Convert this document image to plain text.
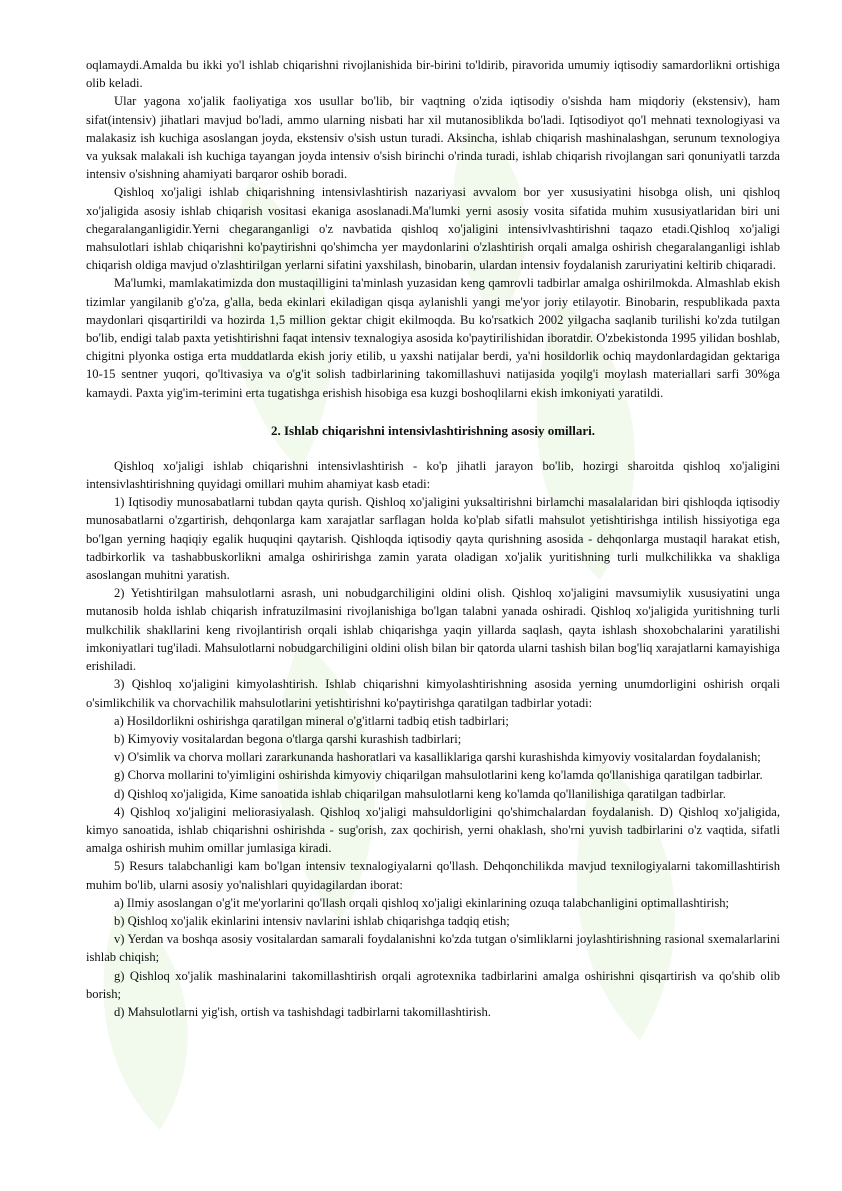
oqlamaydi.Amalda bu ikki yo'l ishlab chiqarishni rivojlanishida bir-birini to'ldirib, piravorida umumiy iqtisodiy samardorlikni ortishiga olib keladi.

Ular yagona xo'jalik faoliyatiga xos usullar bo'lib, bir vaqtning o'zida iqtisodiy o'sishda ham miqdoriy (ekstensiv), ham sifat(intensiv) jihatlari mavjud bo'ladi, ammo ularning nisbati har xil mutanosiblikda bo'ladi. Iqtisodiyot qo'l mehnati texnologiyasi va malakasiz ish kuchiga asoslangan joyda, ekstensiv o'sish ustun turadi. Aksincha, ishlab chiqarish mashinalashgan, serunum texnologiya va yuksak malakali ish kuchiga tayangan joyda intensiv o'sish birinchi o'rinda turadi, ishlab chiqarish rivojlangan sari qonuniyatli tarzda intensiv o'sishning ahamiyati barqaror oshib boradi.

Qishloq xo'jaligi ishlab chiqarishning intensivlashtirish nazariyasi avvalom bor yer xususiyatini hisobga olish, uni qishloq xo'jaligida asosiy ishlab chiqarish vositasi ekaniga asoslanadi.Ma'lumki yerni asosiy vosita sifatida muhim xususiyatlaridan biri uni chegaralanganligidir.Yerni chegaranganligi o'z navbatida qishloq xo'jaligini intensivlvashtirishni taqazo etadi.Qishloq xo'jaligi mahsulotlari ishlab chiqarishni ko'paytirishni qo'shimcha yer maydonlarini o'zlashtirish orqali amalga oshirish chegaralanganligi ishlab chiqarish oldiga mavjud o'zlashtirilgan yerlarni sifatini yaxshilash, binobarin, ulardan intensiv foydalanish zaruriyatini keltirib chiqaradi.

Ma'lumki, mamlakatimizda don mustaqilligini ta'minlash yuzasidan keng qamrovli tadbirlar amalga oshirilmokda. Almashlab ekish tizimlar yangilanib g'o'za, g'alla, beda ekinlari ekiladigan qisqa aylanishli yangi me'yor joriy etilayotir. Binobarin, respublikada paxta maydonlari qisqartirildi va hozirda 1,5 million gektar chigit ekilmoqda. Bu ko'rsatkich 2002 yilgacha saqlanib turilishi ko'zda tutilgan bo'lib, endigi talab paxta yetishtirishni faqat intensiv texnalogiya asosida ko'paytirilishidan iboratdir. O'zbekistonda 1995 yilidan boshlab, chigitni plyonka ostiga erta muddatlarda ekish joriy etilib, u yaxshi natijalar berdi, ya'ni hosildorlik ochiq maydonlardagidan gektariga 10-15 sentner yuqori, qo'ltivasiya va o'g'it solish tadbirlarining takomillashuvi natijasida yoqilg'i moylash materiallari sarfi 30%ga kamaydi. Paxta yig'im-terimini erta tugatishga erishish hisobiga esa kuzgi boshoqlilarni ekish imkoniyati yaratildi.

2. Ishlab chiqarishni intensivlashtirishning asosiy omillari.

Qishloq xo'jaligi ishlab chiqarishni intensivlashtirish - ko'p jihatli jarayon bo'lib, hozirgi sharoitda qishloq xo'jaligini intensivlashtirishning quyidagi omillari muhim ahamiyat kasb etadi:

1) Iqtisodiy munosabatlarni tubdan qayta qurish. Qishloq xo'jaligini yuksaltirishni birlamchi masalalaridan biri qishloqda iqtisodiy munosabatlarni o'zgartirish, dehqonlarga kam xarajatlar sarflagan holda ko'plab sifatli mahsulot yetishtirishga intilish hissiyotiga ega bo'lgan yerning haqiqiy egalik huquqini qaytarish. Qishloqda iqtisodiy qayta qurishning asosida - dehqonlarga mustaqil harakat etish, tadbirkorlik va tashabbuskorlikni amalga oshiririshga zamin yarata oladigan xo'jalik yuritishning turli mulkchilikka va shakliga asoslangan muhitni yaratish.

2) Yetishtirilgan mahsulotlarni asrash, uni nobudgarchiligini oldini olish. Qishloq xo'jaligini mavsumiylik xususiyatini unga mutanosib holda ishlab chiqarish infratuzilmasini rivojlanishiga bo'lgan talabni yanada oshiradi. Qishloq xo'jaligida yuritishning turli mulkchilik shakllarini keng rivojlantirish orqali ishlab chiqarishga yaqin yillarda saqlash, qayta ishlash shoxobchalarini yaratilishi imkoniyatlari tug'iladi. Mahsulotlarni nobudgarchiligini oldini olish bilan bir qatorda ularni tashish bilan bog'liq xarajatlarni kamayishiga erishiladi.

3) Qishloq xo'jaligini kimyolashtirish. Ishlab chiqarishni kimyolashtirishning asosida yerning unumdorligini oshirish orqali o'simlikchilik va chorvachilik mahsulotlarini yetishtirishni ko'paytirishga qaratilgan tadbirlar yotadi:

a) Hosildorlikni oshirishga qaratilgan mineral o'g'itlarni tadbiq etish tadbirlari;

b) Kimyoviy vositalardan begona o'tlarga qarshi kurashish tadbirlari;

v) O'simlik va chorva mollari zararkunanda hashoratlari va kasalliklariga qarshi kurashishda kimyoviy vositalardan foydalanish;

g) Chorva mollarini to'yimligini oshirishda kimyoviy chiqarilgan mahsulotlarini keng ko'lamda qo'llanishiga qaratilgan tadbirlar.

d) Qishloq xo'jaligida, Kime sanoatida ishlab chiqarilgan mahsulotlarni keng ko'lamda qo'llanilishiga qaratilgan tadbirlar.

4) Qishloq xo'jaligini meliorasiyalash. Qishloq xo'jaligi mahsuldorligini qo'shimchalardan foydalanish. D) Qishloq xo'jaligida, kimyo sanoatida, ishlab chiqarishni oshirishda - sug'orish, zax qochirish, yerni ohaklash, sho'rni yuvish tadbirlarini o'z vaqtida, sifatli amalga oshirish muhim omillar jumlasiga kiradi.

5) Resurs talabchanligi kam bo'lgan intensiv texnalogiyalarni qo'llash. Dehqonchilikda mavjud texnilogiyalarni takomillashtirish muhim bo'lib, ularni asosiy yo'nalishlari quyidagilardan iborat:

a) Ilmiy asoslangan o'g'it me'yorlarini qo'llash orqali qishloq xo'jaligi ekinlarining ozuqa talabchanligini optimallashtirish;

b) Qishloq xo'jalik ekinlarini intensiv navlarini ishlab chiqarishga tadqiq etish;

v) Yerdan va boshqa asosiy vositalardan samarali foydalanishni ko'zda tutgan o'simliklarni joylashtirishning rasional sxemalarlarini ishlab chiqish;

g) Qishloq xo'jalik mashinalarini takomillashtirish orqali agrotexnika tadbirlarini amalga oshirishni qisqartirish va qo'shib olib borish;

d) Mahsulotlarni yig'ish, ortish va tashishdagi tadbirlarni takomillashtirish.
